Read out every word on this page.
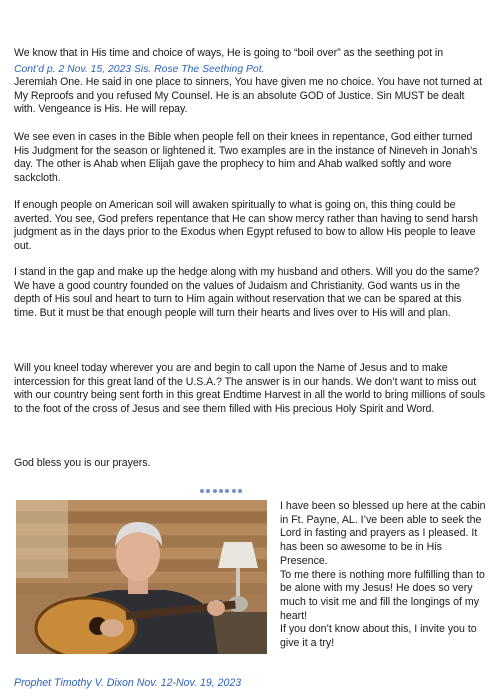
We know that in His time and choice of ways, He is going to “boil over” as the seething pot in

Cont’d p. 2 Nov. 15, 2023 Sis. Rose The Seething Pot.

Jeremiah One. He said in one place to sinners, You have given me no choice. You have not turned at My Reproofs and you refused My Counsel. He is an absolute GOD of Justice. Sin MUST be dealt with. Vengeance is His. He will repay.

We see even in cases in the Bible when people fell on their knees in repentance, God either turned His Judgment for the season or lightened it. Two examples are in the instance of Nineveh in Jonah’s day. The other is Ahab when Elijah gave the prophecy to him and Ahab walked softly and wore sackcloth.

If enough people on American soil will awaken spiritually to what is going on, this thing could be averted. You see, God prefers repentance that He can show mercy rather than having to send harsh judgment as in the days prior to the Exodus when Egypt refused to bow to allow His people to leave out.

I stand in the gap and make up the hedge along with my husband and others. Will you do the same? We have a good country founded on the values of Judaism and Christianity. God wants us in the depth of His soul and heart to turn to Him again without reservation that we can be spared at this time. But it must be that enough people will turn their hearts and lives over to His will and plan.

Will you kneel today wherever you are and begin to call upon the Name of Jesus and to make intercession for this great land of the U.S.A.? The answer is in our hands. We don’t want to miss out with our country being sent forth in this great Endtime Harvest in all the world to bring millions of souls to the foot of the cross of Jesus and see them filled with His precious Holy Spirit and Word.

God bless you is our prayers.

I have been so blessed up here at the cabin in Ft. Payne, AL. I’ve been able to seek the Lord in fasting and prayers as I pleased. It has been so awesome to be in His Presence.

To me there is nothing more fulfilling than to be alone with my Jesus! He does so very much to visit me and fill the longings of my heart!

If you don’t know about this, I invite you to give it a try!

Prophet Timothy V. Dixon Nov. 12-Nov. 19, 2023
